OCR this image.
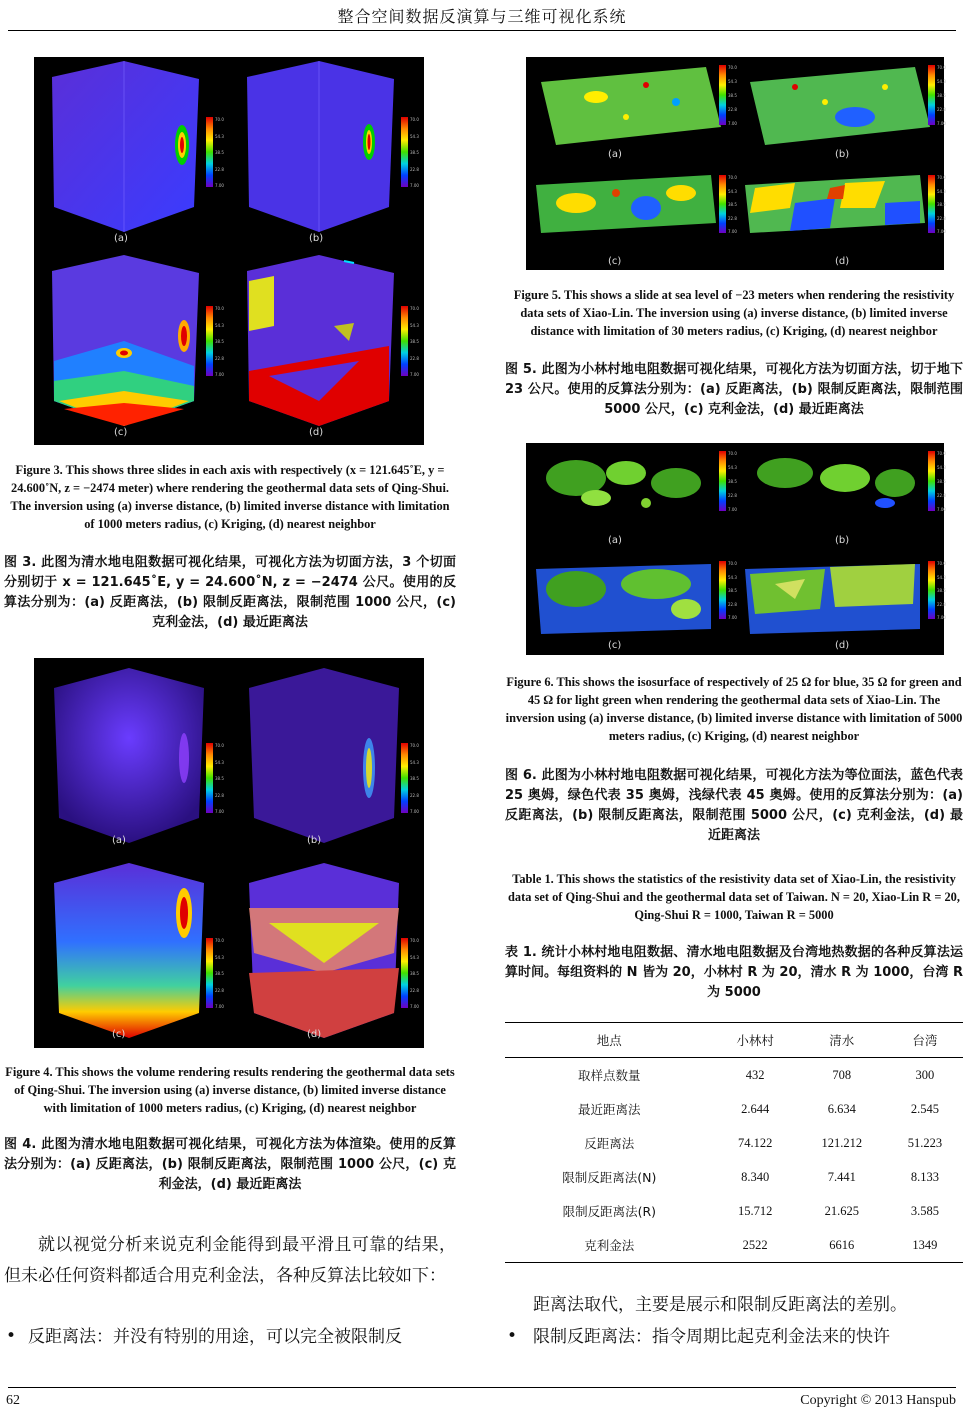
整合空间数据反演算与三维可视化系统
(a)
70.0
54.3
38.5
22.8
7.00
(b)
70.0
54.3
38.5
22.8
7.00
(c)
70.0
54.3
38.5
22.8
7.00
(d)
70.0
54.3
38.5
22.8
7.00
Figure 3. This shows three slides in each axis with respectively (x = 121.645˚E, y = 24.600˚N, z = −2474 meter) where rendering the geothermal data sets of Qing-Shui. The inversion using (a) inverse distance, (b) limited inverse distance with limitation of 1000 meters radius, (c) Kriging, (d) nearest neighbor
图 3. 此图为清水地电阻数据可视化结果，可视化方法为切面方法，3 个切面分别切于 x = 121.645˚E, y = 24.600˚N, z = −2474 公尺。使用的反算法分别为：(a) 反距离法，(b) 限制反距离法，限制范围 1000 公尺，(c) 克利金法，(d) 最近距离法
(a)
70.0
54.3
38.5
22.8
7.00
(b)
70.0
54.3
38.5
22.8
7.00
(c)
70.0
54.3
38.5
22.8
7.00
(d)
70.0
54.3
38.5
22.8
7.00
Figure 4. This shows the volume rendering results rendering the geothermal data sets of Qing-Shui. The inversion using (a) inverse distance, (b) limited inverse distance with limitation of 1000 meters radius, (c) Kriging, (d) nearest neighbor
图 4. 此图为清水地电阻数据可视化结果，可视化方法为体渲染。使用的反算法分别为：(a) 反距离法，(b) 限制反距离法，限制范围 1000 公尺，(c) 克利金法，(d) 最近距离法
(a)
70.0
54.3
38.5
22.8
7.00
(b)
70.0
54.3
38.5
22.8
7.00
(c)
70.0
54.3
38.5
22.8
7.00
(d)
70.0
54.3
38.5
22.8
7.00
Figure 5. This shows a slide at sea level of −23 meters when rendering the resistivity data sets of Xiao-Lin. The inversion using (a) inverse distance, (b) limited inverse distance with limitation of 30 meters radius, (c) Kriging, (d) nearest neighbor
图 5. 此图为小林村地电阻数据可视化结果，可视化方法为切面方法，切于地下 23 公尺。使用的反算法分别为：(a) 反距离法，(b) 限制反距离法，限制范围 5000 公尺，(c) 克利金法，(d) 最近距离法
(a)
70.0
54.3
38.5
22.8
7.00
(b)
70.0
54.3
38.5
22.8
7.00
(c)
70.0
54.3
38.5
22.8
7.00
(d)
70.0
54.3
38.5
22.8
7.00
Figure 6. This shows the isosurface of respectively of 25 Ω for blue, 35 Ω for green and 45 Ω for light green when rendering the geothermal data sets of Xiao-Lin. The inversion using (a) inverse distance, (b) limited inverse distance with limitation of 5000 meters radius, (c) Kriging, (d) nearest neighbor
图 6. 此图为小林村地电阻数据可视化结果，可视化方法为等位面法，蓝色代表 25 奥姆，绿色代表 35 奥姆，浅绿代表 45 奥姆。使用的反算法分别为：(a) 反距离法，(b) 限制反距离法，限制范围 5000 公尺，(c) 克利金法，(d) 最近距离法
Table 1. This shows the statistics of the resistivity data set of Xiao-Lin, the resistivity data set of Qing-Shui and the geothermal data set of Taiwan. N = 20, Xiao-Lin R = 20, Qing-Shui R = 1000, Taiwan R = 5000
表 1. 统计小林村地电阻数据、清水地电阻数据及台湾地热数据的各种反算法运算时间。每组资料的 N 皆为 20，小林村 R 为 20，清水 R 为 1000，台湾 R 为 5000
地点	小林村	清水	台湾
取样点数量	432	708	300
最近距离法	2.644	6.634	2.545
反距离法	74.122	121.212	51.223
限制反距离法(N)	8.340	7.441	8.133
限制反距离法(R)	15.712	21.625	3.585
克利金法	2522	6616	1349
就以视觉分析来说克利金能得到最平滑且可靠的结果，但未必任何资料都适合用克利金法，各种反算法比较如下：
• 反距离法：并没有特别的用途，可以完全被限制反
距离法取代，主要是展示和限制反距离法的差别。
• 限制反距离法：指令周期比起克利金法来的快许
62	Copyright © 2013 Hanspub
